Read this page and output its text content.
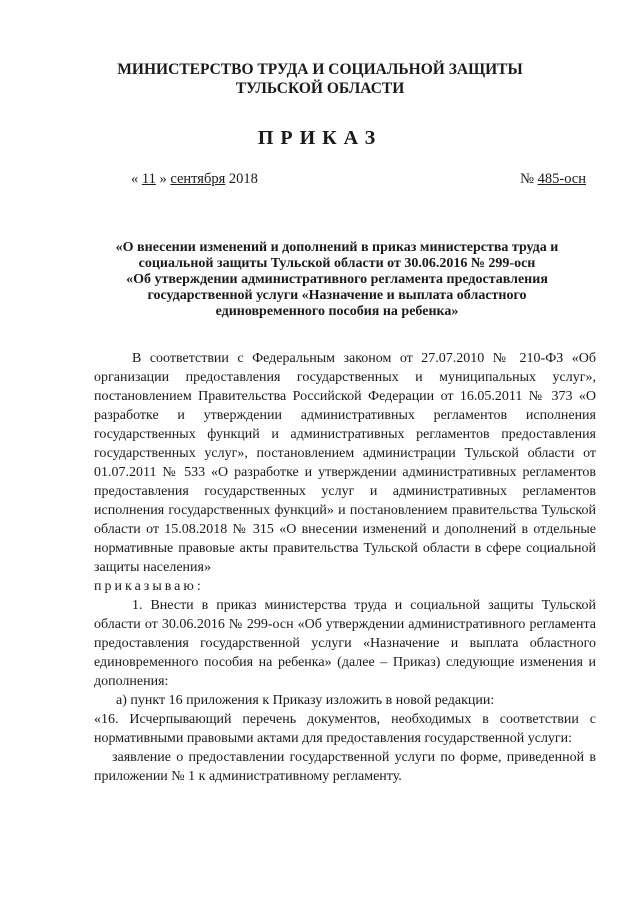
МИНИСТЕРСТВО ТРУДА И СОЦИАЛЬНОЙ ЗАЩИТЫ
ТУЛЬСКОЙ ОБЛАСТИ
ПРИКАЗ
« 11 » сентября 2018	№ 485-осн
«О внесении изменений и дополнений в приказ министерства труда и
социальной защиты Тульской области от 30.06.2016 № 299-осн
«Об утверждении административного регламента предоставления
государственной услуги «Назначение и выплата областного
единовременного пособия на ребенка»

В соответствии с Федеральным законом от 27.07.2010 № 210-ФЗ «Об организации предоставления государственных и муниципальных услуг», постановлением Правительства Российской Федерации от 16.05.2011 № 373 «О разработке и утверждении административных регламентов исполнения государственных функций и административных регламентов предоставления государственных услуг», постановлением администрации Тульской области от 01.07.2011 № 533 «О разработке и утверждении административных регламентов предоставления государственных услуг и административных регламентов исполнения государственных функций» и постановлением правительства Тульской области от 15.08.2018 № 315 «О внесении изменений и дополнений в отдельные нормативные правовые акты правительства Тульской области в сфере социальной защиты населения»

приказываю:

1. Внести в приказ министерства труда и социальной защиты Тульской области от 30.06.2016 № 299-осн «Об утверждении административного регламента предоставления государственной услуги «Назначение и выплата областного единовременного пособия на ребенка» (далее – Приказ) следующие изменения и дополнения:

а) пункт 16 приложения к Приказу изложить в новой редакции:

«16. Исчерпывающий перечень документов, необходимых в соответствии с нормативными правовыми актами для предоставления государственной услуги:

заявление о предоставлении государственной услуги по форме, приведенной в приложении № 1 к административному регламенту.
